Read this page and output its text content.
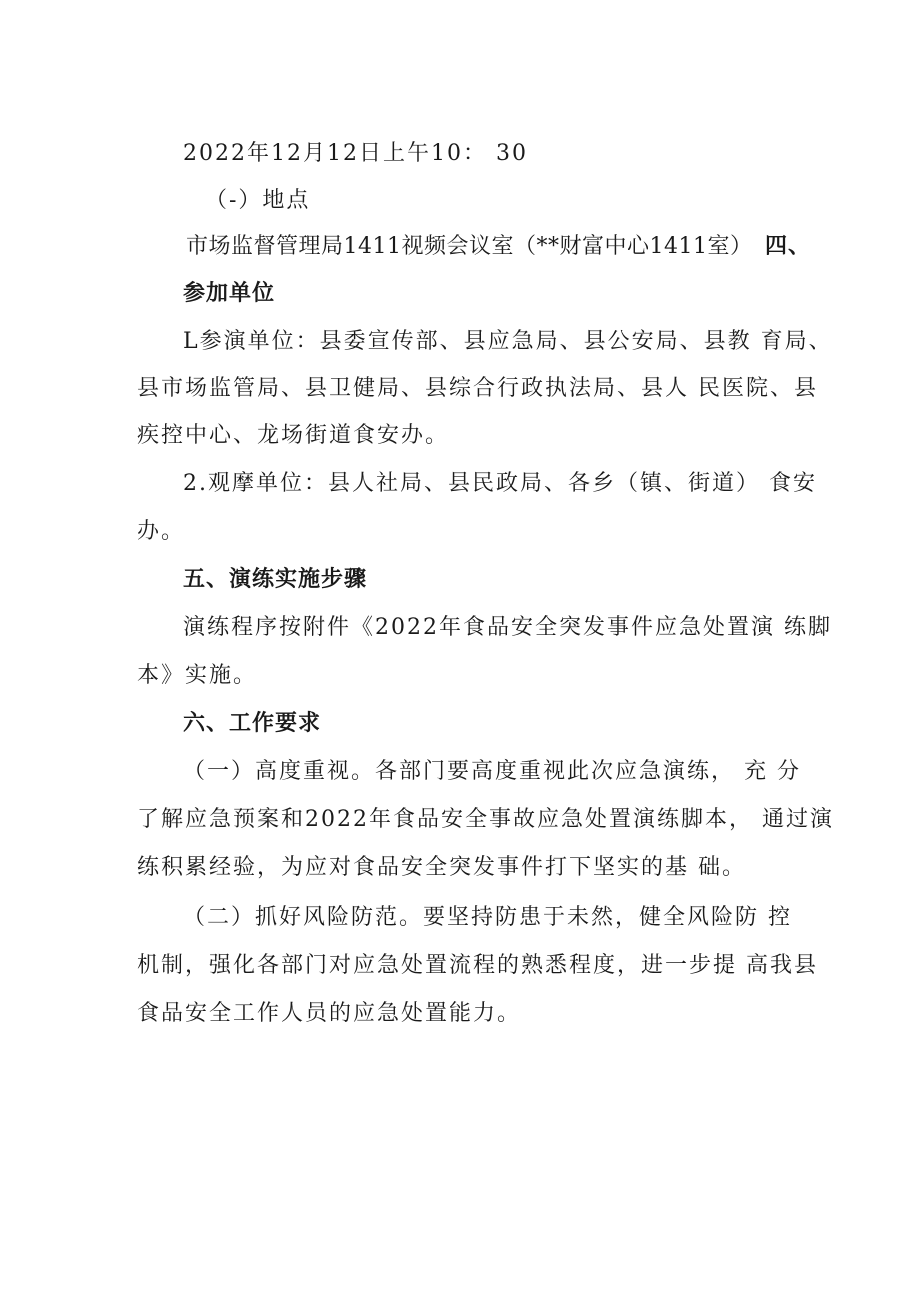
2022年12月12日上午10： 30
（-）地点
市场监督管理局1411视频会议室（**财富中心1411室） 四、
参加单位
L参演单位：县委宣传部、县应急局、县公安局、县教 育局、
县市场监管局、县卫健局、县综合行政执法局、县人 民医院、县
疾控中心、龙场街道食安办。
2.观摩单位：县人社局、县民政局、各乡（镇、街道） 食安
办。
五、演练实施步骤
演练程序按附件《2022年食品安全突发事件应急处置演 练脚
本》实施。
六、工作要求
（一）高度重视。各部门要高度重视此次应急演练， 充 分
了解应急预案和2022年食品安全事故应急处置演练脚本， 通过演
练积累经验，为应对食品安全突发事件打下坚实的基 础。
（二）抓好风险防范。要坚持防患于未然，健全风险防 控
机制，强化各部门对应急处置流程的熟悉程度，进一步提 高我县
食品安全工作人员的应急处置能力。
